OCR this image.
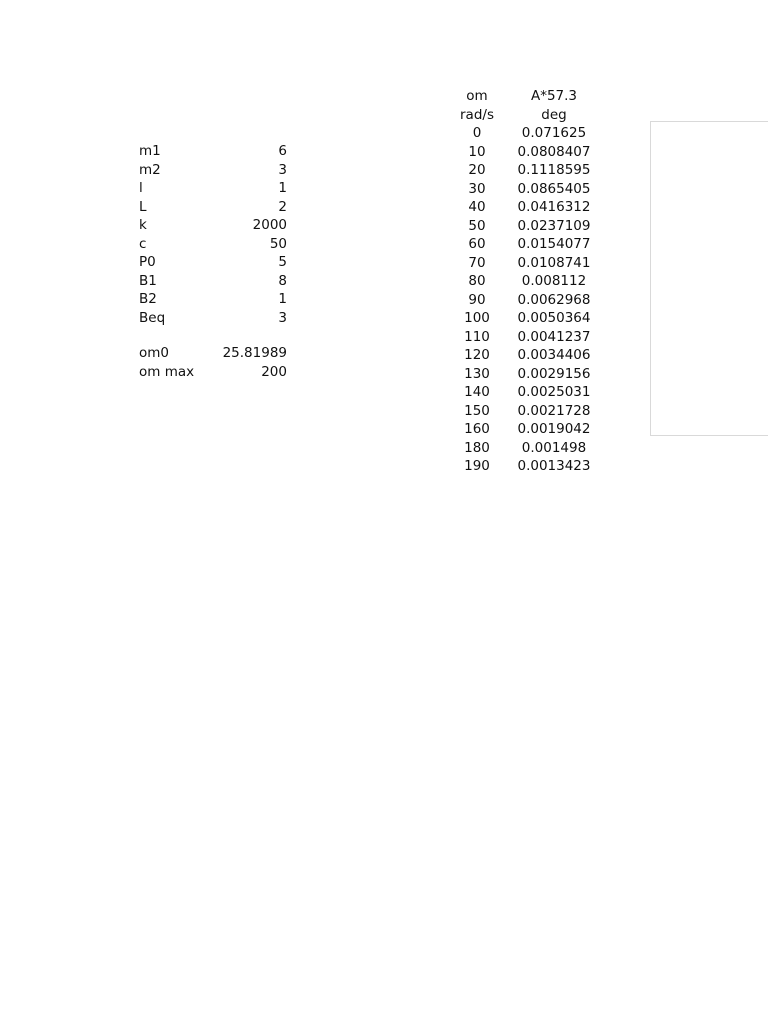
m1	6
m2	3
l	1
L	2
k	2000
c	50
P0	5
B1	8
B2	1
Beq	3
om0	25.81989
om max	200
om	A*57.3
rad/s	deg
0	0.071625
10	0.0808407
20	0.1118595
30	0.0865405
40	0.0416312
50	0.0237109
60	0.0154077
70	0.0108741
80	0.008112
90	0.0062968
100	0.0050364
110	0.0041237
120	0.0034406
130	0.0029156
140	0.0025031
150	0.0021728
160	0.0019042
180	0.001498
190	0.0013423
